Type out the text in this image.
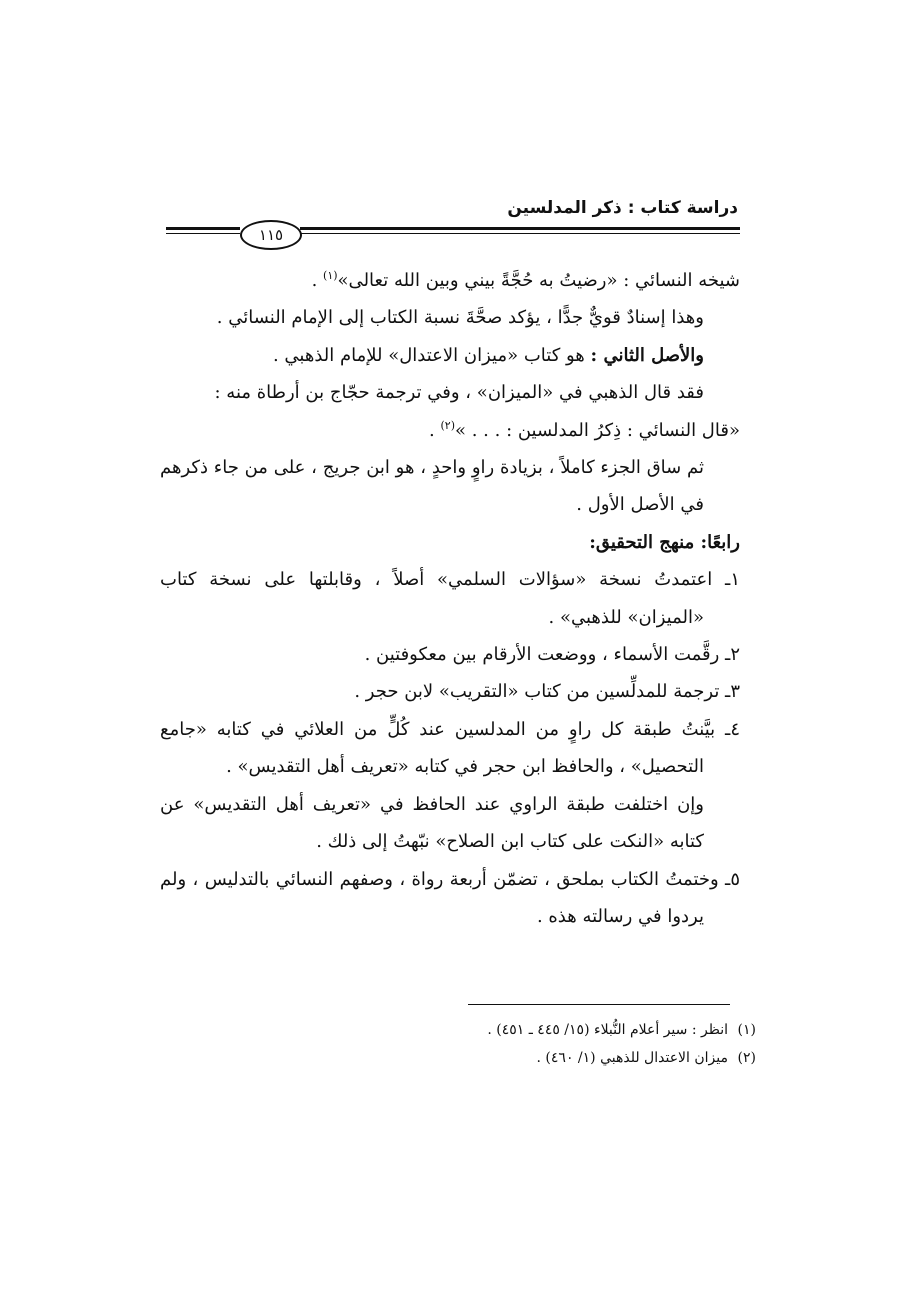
دراسة كتاب : ذكر المدلسين
١١٥

شيخه النسائي : «رضيتُ به حُجَّةً بيني وبين الله تعالى»$^{(١)}$ .

وهذا إسنادٌ قويٌّ جدًّا ، يؤكد صحَّةَ نسبة الكتاب إلى الإمام النسائي .

والأصل الثاني : هو كتاب «ميزان الاعتدال» للإمام الذهبي .

فقد قال الذهبي في «الميزان» ، وفي ترجمة حجّاج بن أرطاة منه :

«قال النسائي : ذِكرُ المدلسين : . . . »$^{(٢)}$ .

ثم ساق الجزء كاملاً ، بزيادة راوٍ واحدٍ ، هو ابن جريج ، على من جاء ذكرهم في الأصل الأول .

رابعًا: منهج التحقيق:

١ـ اعتمدتُ نسخة «سؤالات السلمي» أصلاً ، وقابلتها على نسخة كتاب «الميزان» للذهبي» .

٢ـ رقَّمت الأسماء ، ووضعت الأرقام بين معكوفتين .

٣ـ ترجمة للمدلِّسين من كتاب «التقريب» لابن حجر .

٤ـ بيَّنتُ طبقة كل راوٍ من المدلسين عند كُلٍّ من العلائي في كتابه «جامع التحصيل» ، والحافظ ابن حجر في كتابه «تعريف أهل التقديس» .

وإن اختلفت طبقة الراوي عند الحافظ في «تعريف أهل التقديس» عن كتابه «النكت على كتاب ابن الصلاح» نبّهتُ إلى ذلك .

٥ـ وختمتُ الكتاب بملحق ، تضمّن أربعة رواة ، وصفهم النسائي بالتدليس ، ولم يردوا في رسالته هذه .

(١)انظر : سير أعلام النُّبلاء (١٥/ ٤٤٥ ـ ٤٥١) .

(٢)ميزان الاعتدال للذهبي (١/ ٤٦٠) .
